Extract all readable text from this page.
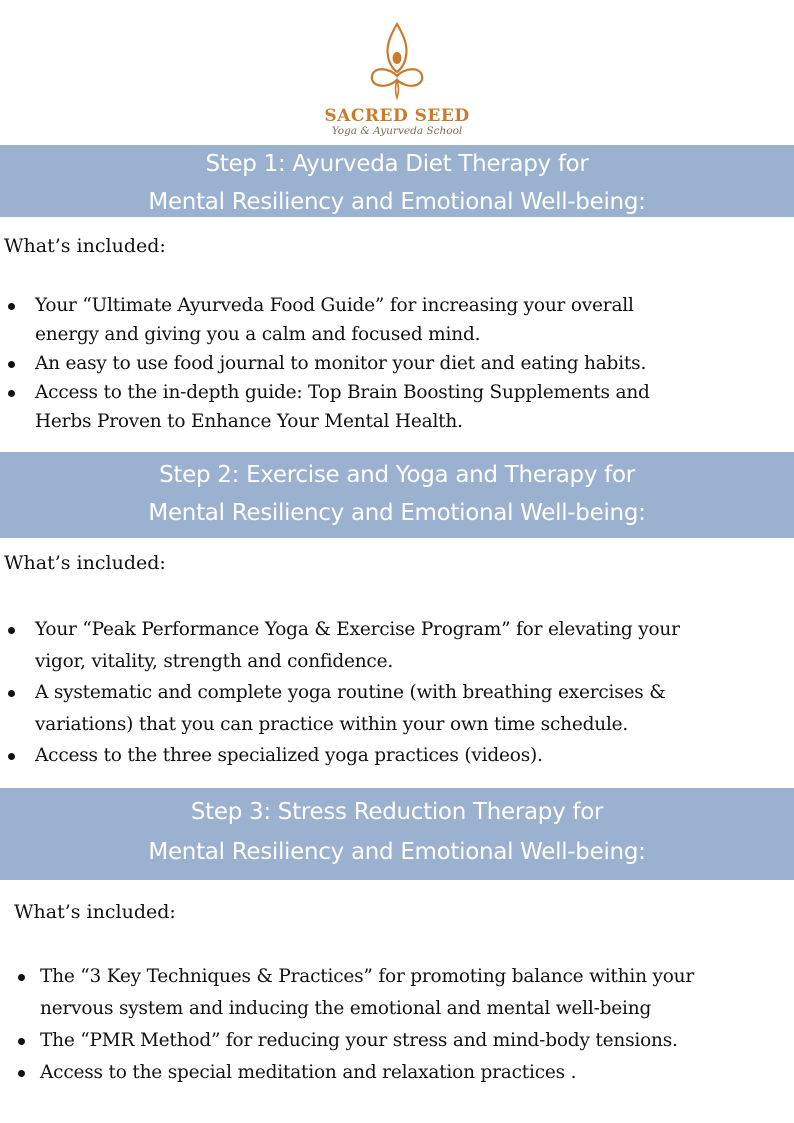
SACRED SEED
Yoga & Ayurveda School
Step 1: Ayurveda Diet Therapy for
Mental Resiliency and Emotional Well-being:
What’s included:
Your “Ultimate Ayurveda Food Guide” for increasing your overall
energy and giving you a calm and focused mind.
An easy to use food journal to monitor your diet and eating habits.
Access to the in-depth guide: Top Brain Boosting Supplements and
Herbs Proven to Enhance Your Mental Health.
Step 2: Exercise and Yoga and Therapy for
Mental Resiliency and Emotional Well-being:
What’s included:
Your “Peak Performance Yoga & Exercise Program” for elevating your
vigor, vitality, strength and confidence.
A systematic and complete yoga routine (with breathing exercises &
variations) that you can practice within your own time schedule.
Access to the three specialized yoga practices (videos).
Step 3: Stress Reduction Therapy for
Mental Resiliency and Emotional Well-being:
What’s included:
The “3 Key Techniques & Practices” for promoting balance within your
nervous system and inducing the emotional and mental well-being
The “PMR Method” for reducing your stress and mind-body tensions.
Access to the special meditation and relaxation practices .
